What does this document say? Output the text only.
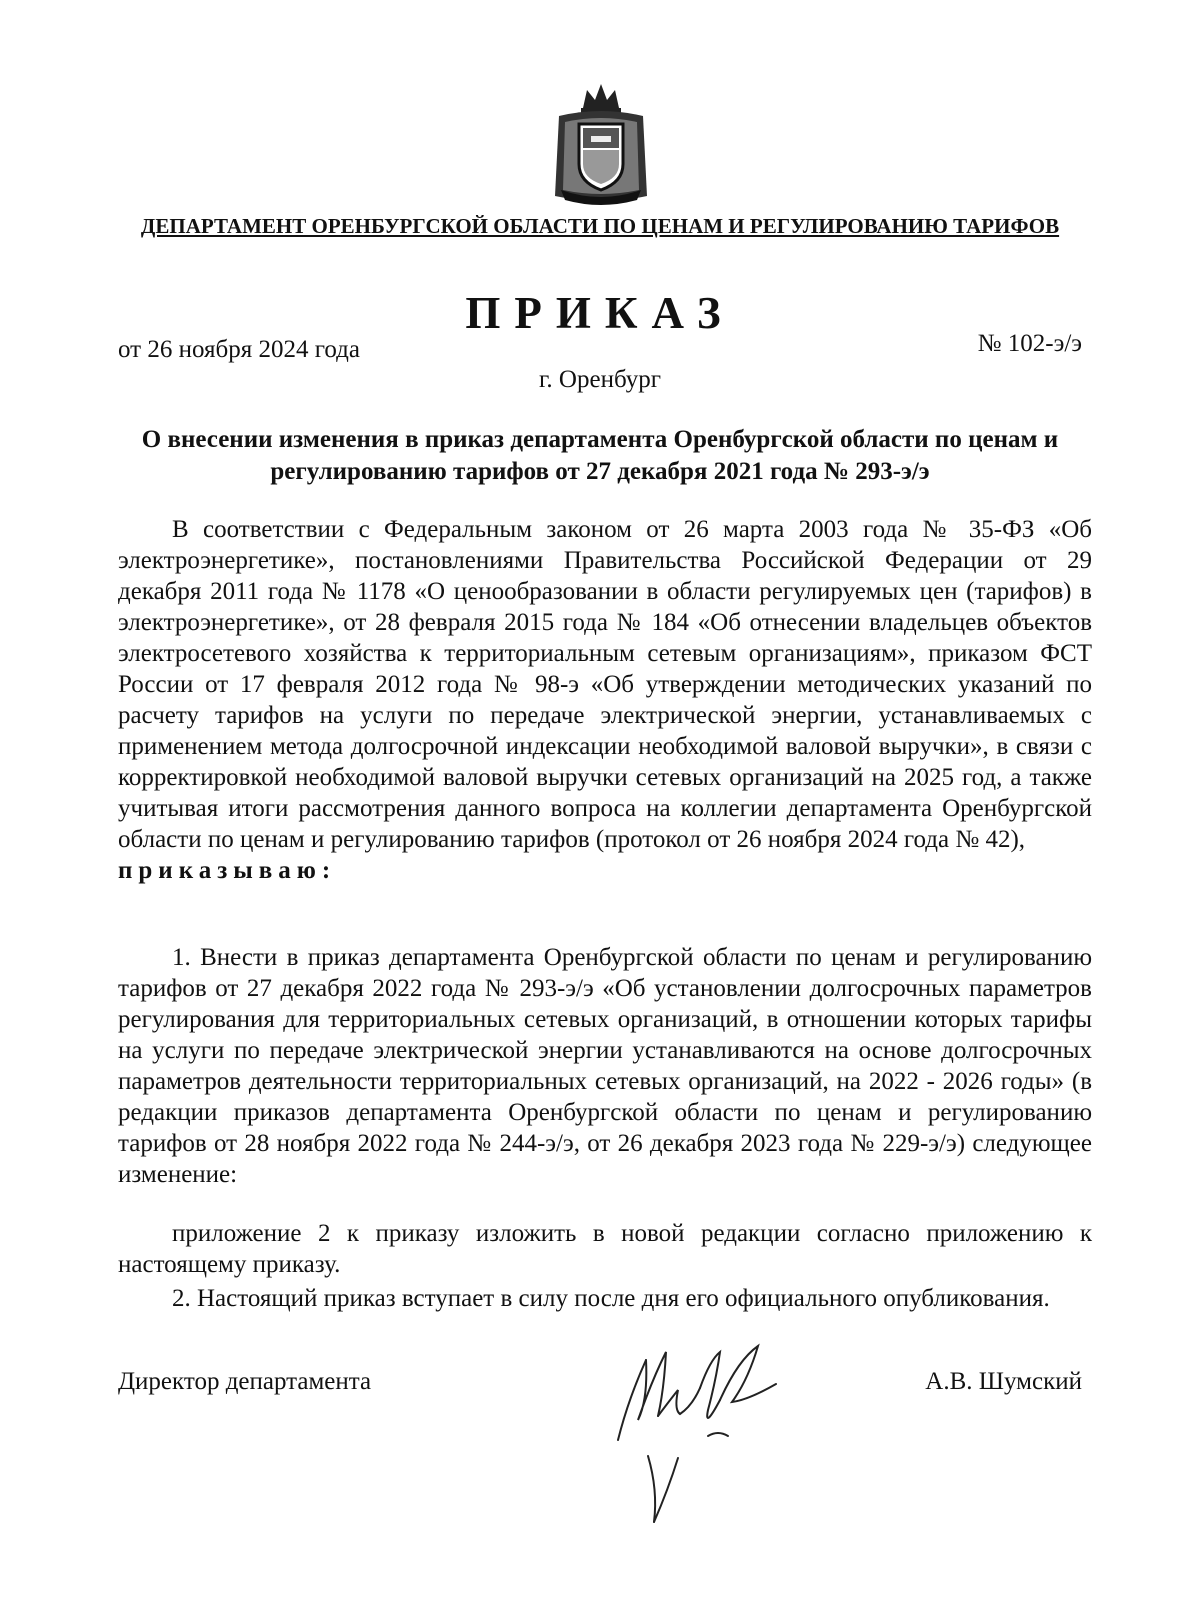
ДЕПАРТАМЕНТ ОРЕНБУРГСКОЙ ОБЛАСТИ ПО ЦЕНАМ И РЕГУЛИРОВАНИЮ ТАРИФОВ
ПРИКАЗ
от 26 ноября 2024 года	№ 102-э/э
г. Оренбург
О внесении изменения в приказ департамента Оренбургской области по ценам и регулированию тарифов от 27 декабря 2021 года № 293-э/э

В соответствии с Федеральным законом от 26 марта 2003 года № 35-ФЗ «Об электроэнергетике», постановлениями Правительства Российской Федерации от 29 декабря 2011 года № 1178 «О ценообразовании в области регулируемых цен (тарифов) в электроэнергетике», от 28 февраля 2015 года № 184 «Об отнесении владельцев объектов электросетевого хозяйства к территориальным сетевым организациям», приказом ФСТ России от 17 февраля 2012 года № 98-э «Об утверждении методических указаний по расчету тарифов на услуги по передаче электрической энергии, устанавливаемых с применением метода долгосрочной индексации необходимой валовой выручки», в связи с корректировкой необходимой валовой выручки сетевых организаций на 2025 год, а также учитывая итоги рассмотрения данного вопроса на коллегии департамента Оренбургской области по ценам и регулированию тарифов (протокол от 26 ноября 2024 года № 42),

приказываю:

1. Внести в приказ департамента Оренбургской области по ценам и регулированию тарифов от 27 декабря 2022 года № 293-э/э «Об установлении долгосрочных параметров регулирования для территориальных сетевых организаций, в отношении которых тарифы на услуги по передаче электрической энергии устанавливаются на основе долгосрочных параметров деятельности территориальных сетевых организаций, на 2022 - 2026 годы» (в редакции приказов департамента Оренбургской области по ценам и регулированию тарифов от 28 ноября 2022 года № 244-э/э, от 26 декабря 2023 года № 229-э/э) следующее изменение:

приложение 2 к приказу изложить в новой редакции согласно приложению к настоящему приказу.

2. Настоящий приказ вступает в силу после дня его официального опубликования.

Директор департамента	А.В. Шумский
